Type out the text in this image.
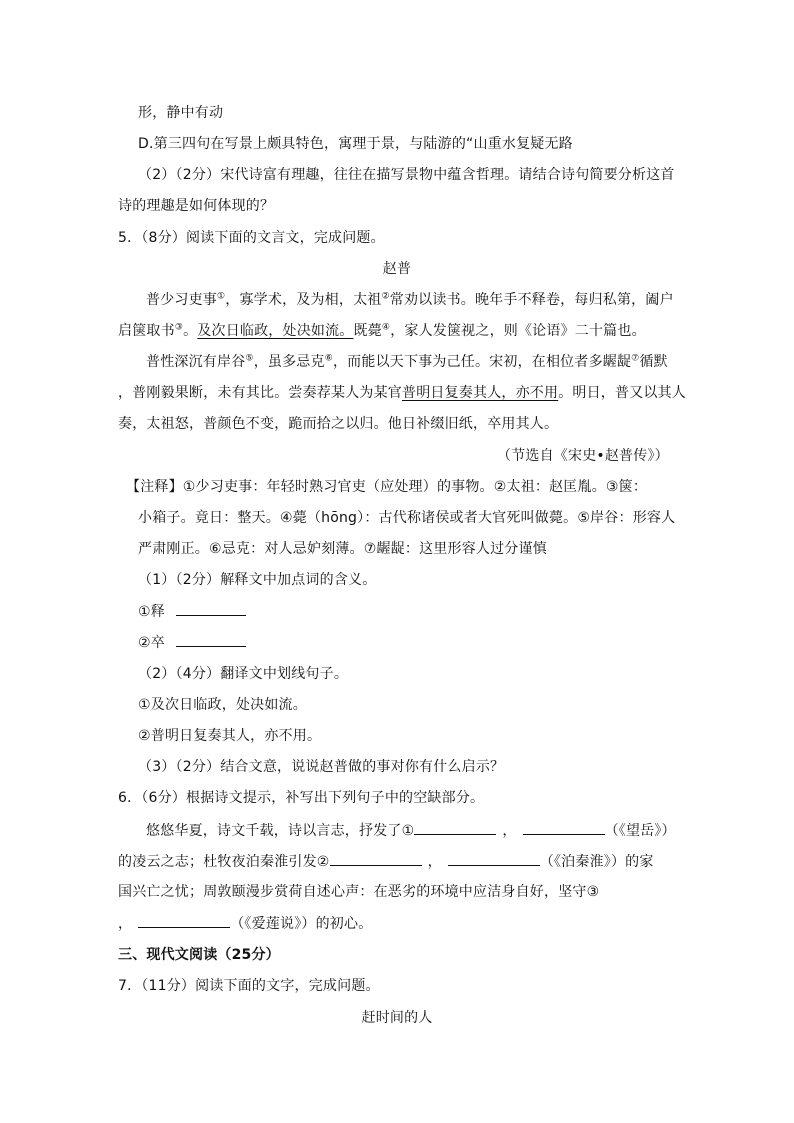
形，静中有动
D.第三四句在写景上颇具特色，寓理于景，与陆游的“山重水复疑无路
（2）（2分）宋代诗富有理趣，往往在描写景物中蕴含哲理。请结合诗句简要分析这首
诗的理趣是如何体现的？
5．（8分）阅读下面的文言文，完成问题。
赵普
普少习吏事①，寡学术，及为相，太祖②常劝以读书。晚年手不释卷，每归私第，阖户
启箧取书③。及次日临政，处决如流。既薨④，家人发箧视之，则《论语》二十篇也。
普性深沉有岸谷⑤，虽多忌克⑥，而能以天下事为己任。宋初，在相位者多龌龊⑦循默
，普刚毅果断，未有其比。尝奏荐某人为某官普明日复奏其人，亦不用。明日，普又以其人
奏，太祖怒，普颜色不变，跪而拾之以归。他日补缀旧纸，卒用其人。
（节选自《宋史•赵普传》）
【注释】①少习吏事：年轻时熟习官吏（应处理）的事物。②太祖：赵匡胤。③箧：
小箱子。竟日：整天。④薨（hōng）：古代称诸侯或者大官死叫做薨。⑤岸谷：形容人
严肃刚正。⑥忌克：对人忌妒刻薄。⑦龌龊：这里形容人过分谨慎
（1）（2分）解释文中加点词的含义。
①释
②卒
（2）（4分）翻译文中划线句子。
①及次日临政，处决如流。
②普明日复奏其人，亦不用。
（3）（2分）结合文意，说说赵普做的事对你有什么启示？
6．（6分）根据诗文提示，补写出下列句子中的空缺部分。
悠悠华夏，诗文千载，诗以言志，抒发了①	，	（《望岳》）
的凌云之志；杜牧夜泊秦淮引发②	，	（《泊秦淮》）的家
国兴亡之忧；周敦颐漫步赏荷自述心声：在恶劣的环境中应洁身自好，坚守③
，	（《爱莲说》）的初心。
三、现代文阅读（25分）
7．（11分）阅读下面的文字，完成问题。
赶时间的人
